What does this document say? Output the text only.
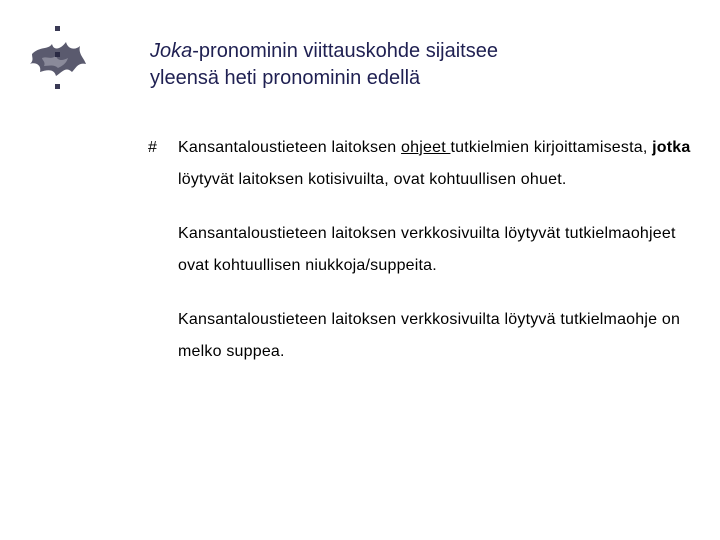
Joka-pronominin viittauskohde sijaitsee
yleensä heti pronominin edellä
# Kansantaloustieteen laitoksen ohjeet tutkielmien kirjoittamisesta, jotka löytyvät laitoksen kotisivuilta, ovat kohtuullisen ohuet.
Kansantaloustieteen laitoksen verkkosivuilta löytyvät tutkielmaohjeet ovat kohtuullisen niukkoja/suppeita.
Kansantaloustieteen laitoksen verkkosivuilta löytyvä tutkielmaohje on melko suppea.
